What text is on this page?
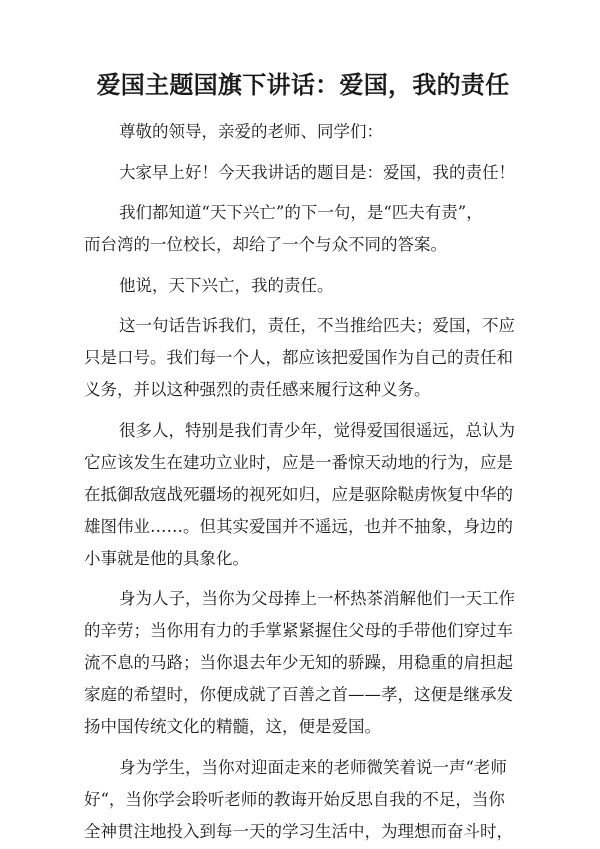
爱国主题国旗下讲话：爱国，我的责任

尊敬的领导，亲爱的老师、同学们：

大家早上好！今天我讲话的题目是：爱国，我的责任！

我们都知道“天下兴亡”的下一句，是“匹夫有责”，
而台湾的一位校长，却给了一个与众不同的答案。

他说，天下兴亡，我的责任。

这一句话告诉我们，责任，不当推给匹夫；爱国，不应
只是口号。我们每一个人，都应该把爱国作为自己的责任和
义务，并以这种强烈的责任感来履行这种义务。

很多人，特别是我们青少年，觉得爱国很遥远，总认为
它应该发生在建功立业时，应是一番惊天动地的行为，应是
在抵御敌寇战死疆场的视死如归，应是驱除鞑虏恢复中华的
雄图伟业……。但其实爱国并不遥远，也并不抽象，身边的
小事就是他的具象化。

身为人子，当你为父母捧上一杯热茶消解他们一天工作
的辛劳；当你用有力的手掌紧紧握住父母的手带他们穿过车
流不息的马路；当你退去年少无知的骄躁，用稳重的肩担起
家庭的希望时，你便成就了百善之首——孝，这便是继承发
扬中国传统文化的精髓，这，便是爱国。

身为学生，当你对迎面走来的老师微笑着说一声“老师
好“，当你学会聆听老师的教诲开始反思自我的不足，当你
全神贯注地投入到每一天的学习生活中，为理想而奋斗时，
